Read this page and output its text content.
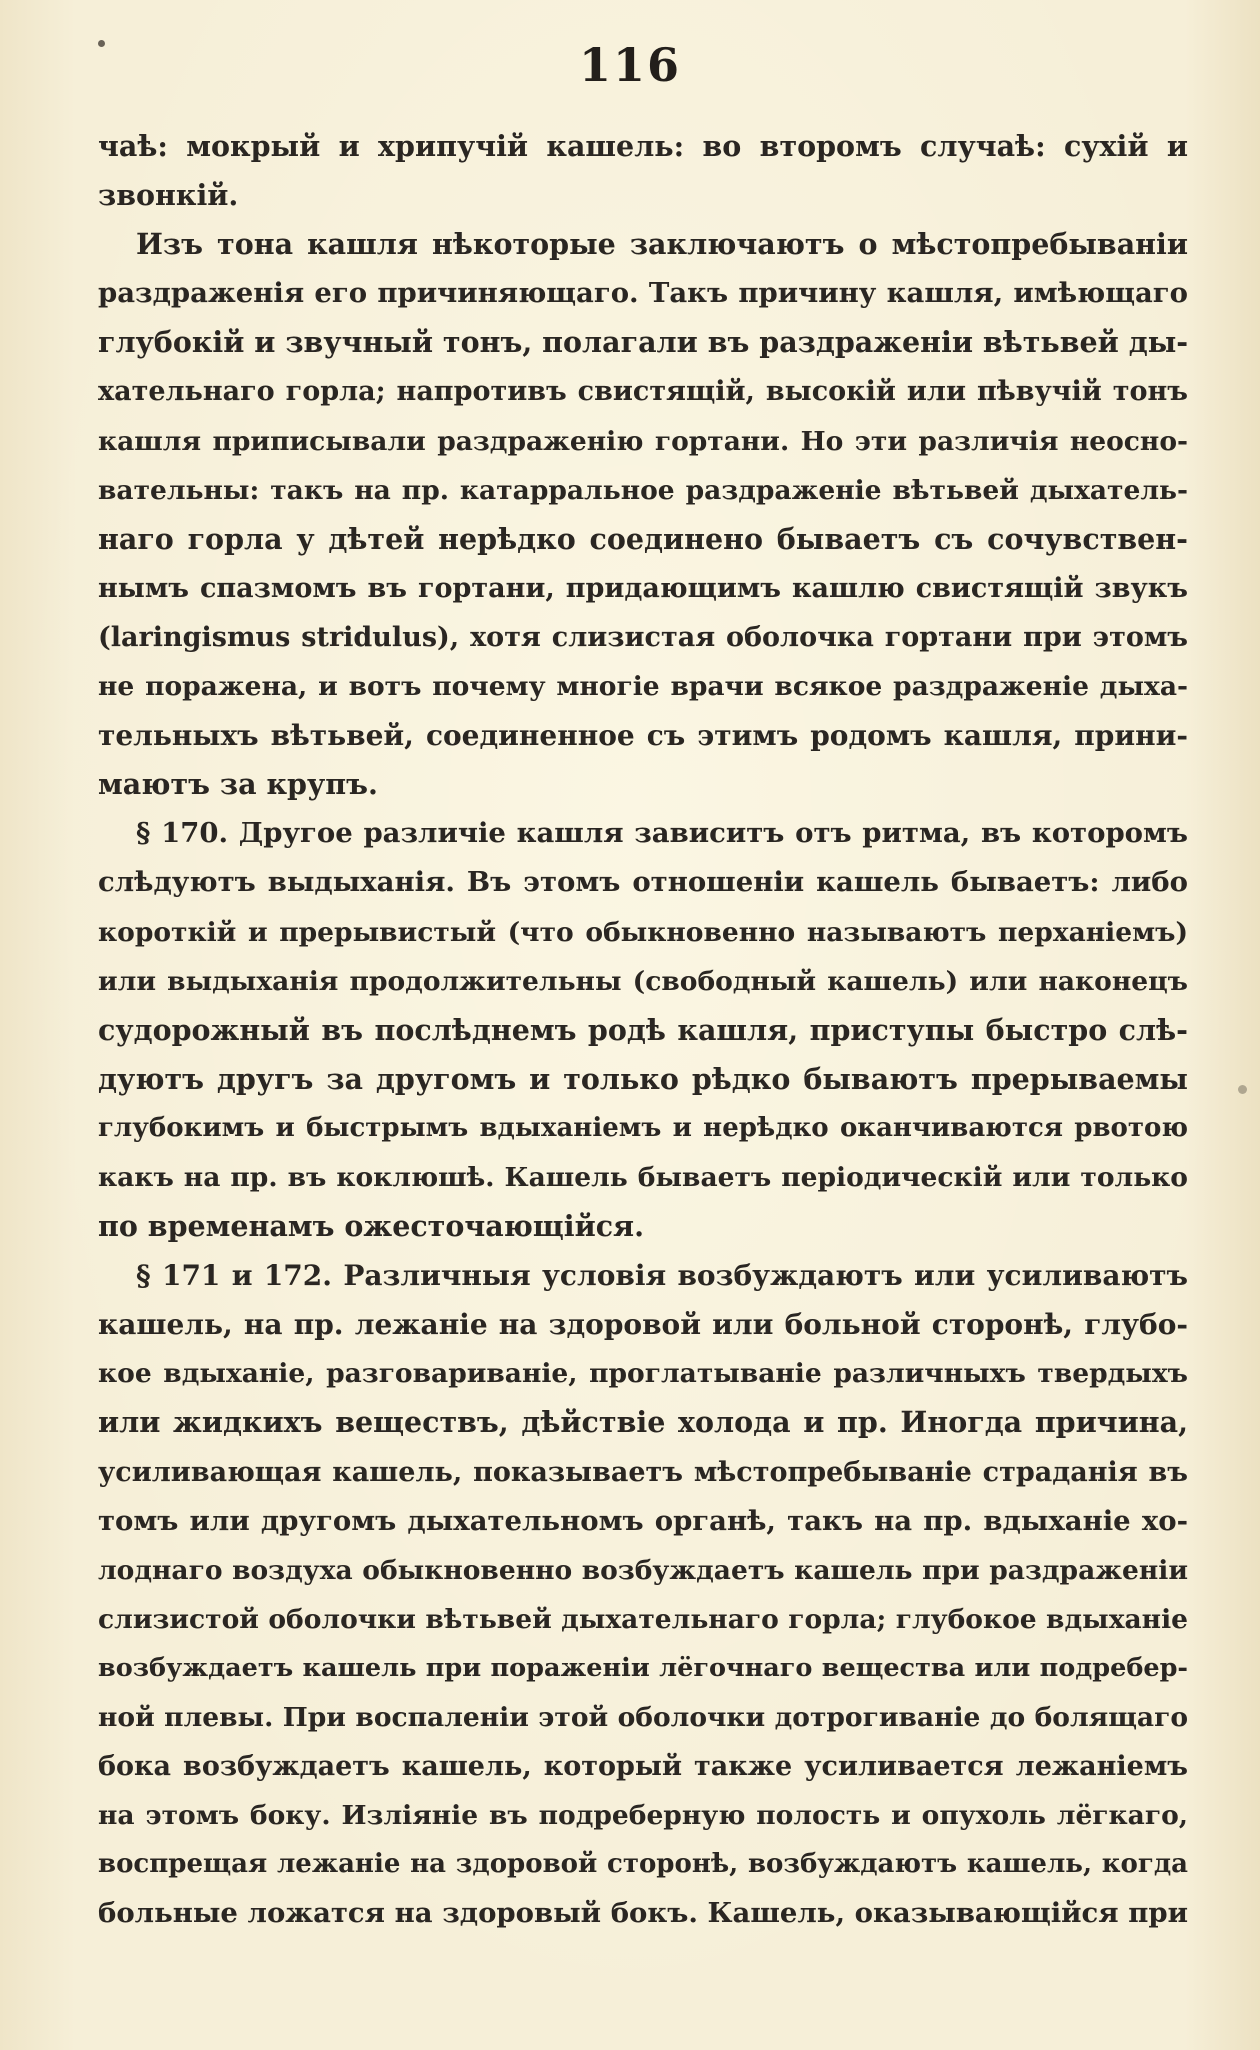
116
чаѣ: мокрый и хрипучій кашель: во второмъ случаѣ: сухій и
звонкій.
Изъ тона кашля нѣкоторые заключаютъ о мѣстопребываніи
раздраженія его причиняющаго. Такъ причину кашля, имѣющаго
глубокій и звучный тонъ, полагали въ раздраженіи вѣтьвей ды-
хательнаго горла; напротивъ свистящій, высокій или пѣвучій тонъ
кашля приписывали раздраженію гортани. Но эти различія неосно-
вательны: такъ на пр. катарральное раздраженіе вѣтьвей дыхатель-
наго горла у дѣтей нерѣдко соединено бываетъ съ сочувствен-
нымъ спазмомъ въ гортани, придающимъ кашлю свистящій звукъ
(laringismus stridulus), хотя слизистая оболочка гортани при этомъ
не поражена, и вотъ почему многіе врачи всякое раздраженіе дыха-
тельныхъ вѣтьвей, соединенное съ этимъ родомъ кашля, прини-
маютъ за крупъ.
§ 170. Другое различіе кашля зависитъ отъ ритма, въ которомъ
слѣдуютъ выдыханія. Въ этомъ отношеніи кашель бываетъ: либо
короткій и прерывистый (что обыкновенно называютъ перханіемъ)
или выдыханія продолжительны (свободный кашель) или наконецъ
судорожный въ послѣднемъ родѣ кашля, приступы быстро слѣ-
дуютъ другъ за другомъ и только рѣдко бываютъ прерываемы
глубокимъ и быстрымъ вдыханіемъ и нерѣдко оканчиваются рвотою
какъ на пр. въ коклюшѣ. Кашель бываетъ періодическій или только
по временамъ ожесточающійся.
§ 171 и 172. Различныя условія возбуждаютъ или усиливаютъ
кашель, на пр. лежаніе на здоровой или больной сторонѣ, глубо-
кое вдыханіе, разговариваніе, проглатываніе различныхъ твердыхъ
или жидкихъ веществъ, дѣйствіе холода и пр. Иногда причина,
усиливающая кашель, показываетъ мѣстопребываніе страданія въ
томъ или другомъ дыхательномъ органѣ, такъ на пр. вдыханіе хо-
лоднаго воздуха обыкновенно возбуждаетъ кашель при раздраженіи
слизистой оболочки вѣтьвей дыхательнаго горла; глубокое вдыханіе
возбуждаетъ кашель при пораженіи лёгочнаго вещества или подребер-
ной плевы. При воспаленіи этой оболочки дотрогиваніе до болящаго
бока возбуждаетъ кашель, который также усиливается лежаніемъ
на этомъ боку. Изліяніе въ подреберную полость и опухоль лёгкаго,
воспрещая лежаніе на здоровой сторонѣ, возбуждаютъ кашель, когда
больные ложатся на здоровый бокъ. Кашель, оказывающійся при
